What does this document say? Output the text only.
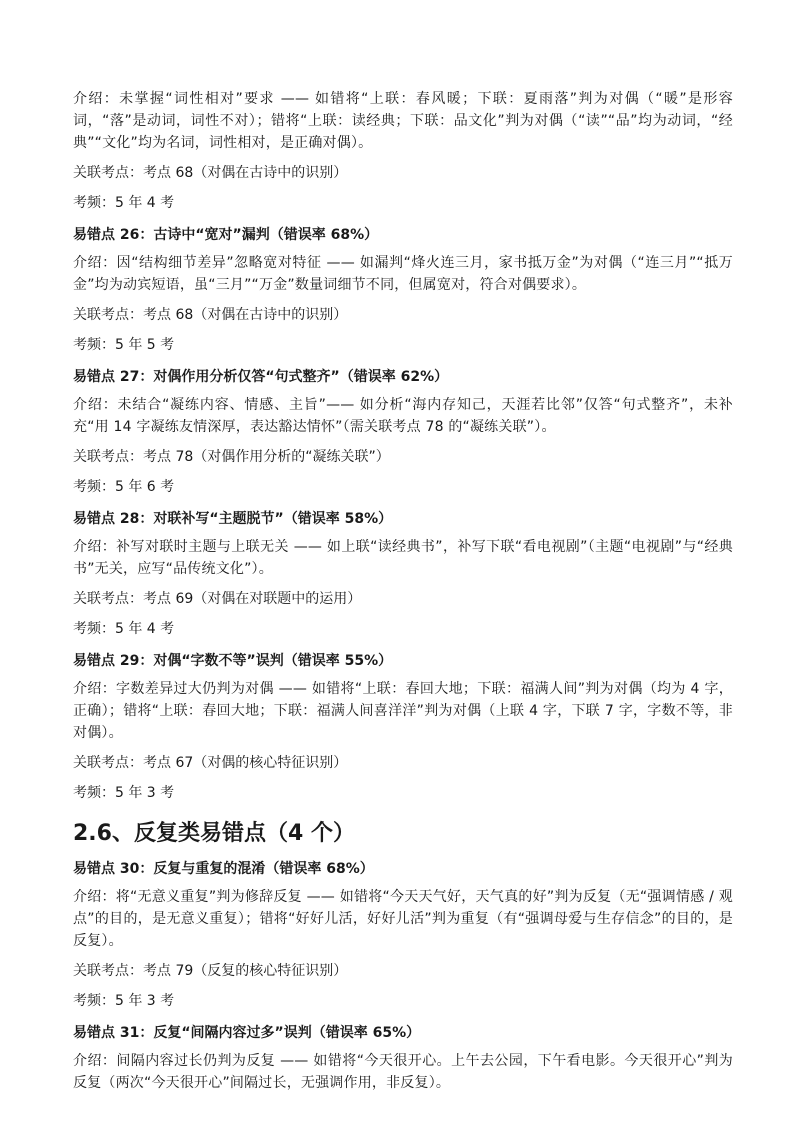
介绍：未掌握“词性相对”要求 —— 如错将“上联：春风暖；下联：夏雨落”判为对偶（“暖”是形容词，“落”是动词，词性不对）；错将“上联：读经典；下联：品文化”判为对偶（“读”“品”均为动词，“经典”“文化”均为名词，词性相对，是正确对偶）。

关联考点：考点 68（对偶在古诗中的识别）

考频：5 年 4 考

易错点 26：古诗中“宽对”漏判（错误率 68%）

介绍：因“结构细节差异”忽略宽对特征 —— 如漏判“烽火连三月，家书抵万金”为对偶（“连三月”“抵万金”均为动宾短语，虽“三月”“万金”数量词细节不同，但属宽对，符合对偶要求）。

关联考点：考点 68（对偶在古诗中的识别）

考频：5 年 5 考

易错点 27：对偶作用分析仅答“句式整齐”（错误率 62%）

介绍：未结合“凝练内容、情感、主旨”—— 如分析“海内存知己，天涯若比邻”仅答“句式整齐”，未补充“用 14 字凝练友情深厚，表达豁达情怀”（需关联考点 78 的“凝练关联”）。

关联考点：考点 78（对偶作用分析的“凝练关联”）

考频：5 年 6 考

易错点 28：对联补写“主题脱节”（错误率 58%）

介绍：补写对联时主题与上联无关 —— 如上联“读经典书”，补写下联“看电视剧”（主题“电视剧”与“经典书”无关，应写“品传统文化”）。

关联考点：考点 69（对偶在对联题中的运用）

考频：5 年 4 考

易错点 29：对偶“字数不等”误判（错误率 55%）

介绍：字数差异过大仍判为对偶 —— 如错将“上联：春回大地；下联：福满人间”判为对偶（均为 4 字，正确）；错将“上联：春回大地；下联：福满人间喜洋洋”判为对偶（上联 4 字，下联 7 字，字数不等，非对偶）。

关联考点：考点 67（对偶的核心特征识别）

考频：5 年 3 考

2.6、反复类易错点（4 个）

易错点 30：反复与重复的混淆（错误率 68%）

介绍：将“无意义重复”判为修辞反复 —— 如错将“今天天气好，天气真的好”判为反复（无“强调情感 / 观点”的目的，是无意义重复）；错将“好好儿活，好好儿活”判为重复（有“强调母爱与生存信念”的目的，是反复）。

关联考点：考点 79（反复的核心特征识别）

考频：5 年 3 考

易错点 31：反复“间隔内容过多”误判（错误率 65%）

介绍：间隔内容过长仍判为反复 —— 如错将“今天很开心。上午去公园，下午看电影。今天很开心”判为反复（两次“今天很开心”间隔过长，无强调作用，非反复）。
